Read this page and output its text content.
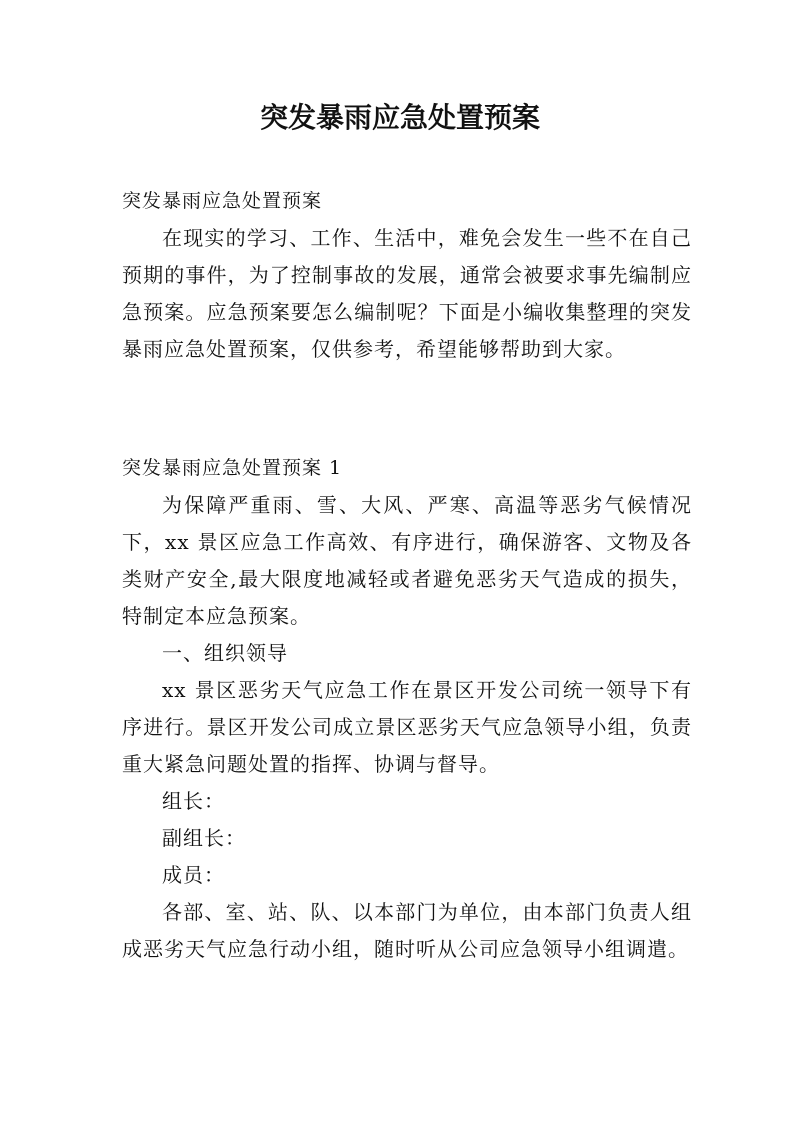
突发暴雨应急处置预案

突发暴雨应急处置预案

在现实的学习、工作、生活中，难免会发生一些不在自己预期的事件，为了控制事故的发展，通常会被要求事先编制应急预案。应急预案要怎么编制呢？下面是小编收集整理的突发暴雨应急处置预案，仅供参考，希望能够帮助到大家。

突发暴雨应急处置预案 1

为保障严重雨、雪、大风、严寒、高温等恶劣气候情况下，xx 景区应急工作高效、有序进行，确保游客、文物及各类财产安全,最大限度地减轻或者避免恶劣天气造成的损失，特制定本应急预案。

一、组织领导

xx 景区恶劣天气应急工作在景区开发公司统一领导下有序进行。景区开发公司成立景区恶劣天气应急领导小组，负责重大紧急问题处置的指挥、协调与督导。

组长：

副组长：

成员：

各部、室、站、队、以本部门为单位，由本部门负责人组成恶劣天气应急行动小组，随时听从公司应急领导小组调遣。
